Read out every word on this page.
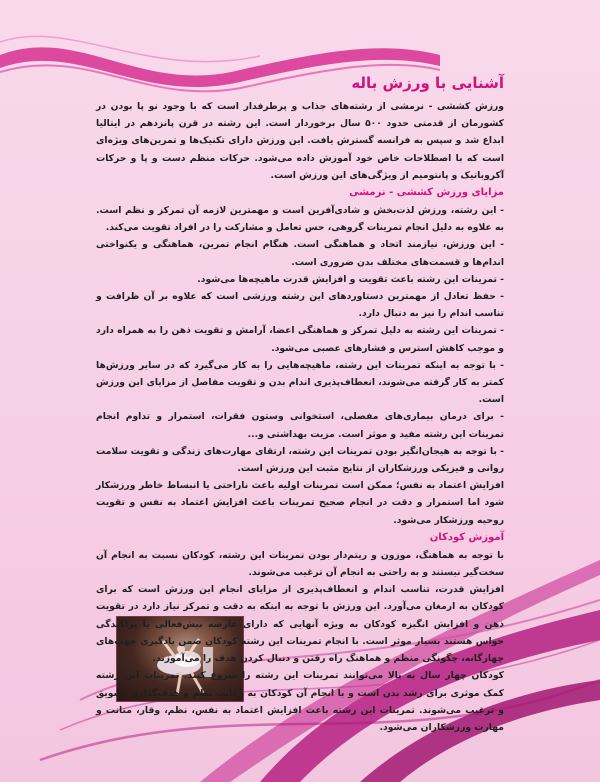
آشنایی با ورزش باله

ورزش کششی - نرمشی از رشته‌های جذاب و پرطرفدار است که با وجود نو پا بودن در کشورمان از قدمتی حدود ۵۰۰ سال برخوردار است. این رشته در قرن پانزدهم در ایتالیا ابداع شد و سپس به فرانسه گسترش یافت. این ورزش دارای تکنیک‌ها و تمرین‌های ویژه‌ای است که با اصطلاحات خاص خود آموزش داده می‌شود. حرکات منظم دست و پا و حرکات آکروباتیک و پانتومیم از ویژگی‌های این ورزش است.

مزایای ورزش کششی - نرمشی

- این رشته، ورزش لذت‌بخش و شادی‌آفرین است و مهمترین لازمه آن تمرکز و نظم است. به علاوه به دلیل انجام تمرینات گروهی، حس تعامل و مشارکت را در افراد تقویت می‌کند.

- این ورزش، نیازمند اتحاد و هماهنگی است. هنگام انجام تمرین، هماهنگی و یکنواختی اندام‌ها و قسمت‌های مختلف بدن ضروری است.

- تمرینات این رشته باعث تقویت و افزایش قدرت ماهیچه‌ها می‌شود.

- حفظ تعادل از مهمترین دستاوردهای این رشته ورزشی است که علاوه بر آن ظرافت و تناسب اندام را نیز به دنبال دارد.

- تمرینات این رشته به دلیل تمرکز و هماهنگی اعضا، آرامش و تقویت ذهن را به همراه دارد و موجب کاهش استرس و فشارهای عصبی می‌شود.

- با توجه به اینکه تمرینات این رشته، ماهیچه‌هایی را به کار می‌گیرد که در سایر ورزش‌ها کمتر به کار گرفته می‌شوند، انعطاف‌پذیری اندام بدن و تقویت مفاصل از مزایای این ورزش است.

- برای درمان بیماری‌های مفصلی، استخوانی وستون فقرات، استمرار و تداوم انجام تمرینات این رشته مفید و موثر است. مزیت بهداشتی و...

- با توجه به هیجان‌انگیز بودن تمرینات این رشته، ارتقای مهارت‌های زندگی و تقویت سلامت روانی و فیزیکی ورزشکاران از نتایج مثبت این ورزش است.

افزایش اعتماد به نفس؛ ممکن است تمرینات اولیه باعث ناراحتی یا انبساط خاطر ورزشکار شود اما استمرار و دقت در انجام صحیح تمرینات باعث افزایش اعتماد به نفس و تقویت روحیه ورزشکار می‌شود.

آموزش کودکان

با توجه به هماهنگ، موزون و ریتم‌دار بودن تمرینات این رشته، کودکان نسبت به انجام آن سخت‌گیر نیستند و به راحتی به انجام آن ترغیب می‌شوند.

افزایش قدرت، تناسب اندام و انعطاف‌پذیری از مزایای انجام این ورزش است که برای کودکان به ارمغان می‌آورد. این ورزش با توجه به اینکه به دقت و تمرکز نیاز دارد در تقویت ذهن و افزایش انگیزه کودکان به ویژه آنهایی که دارای عارضه بیش‌فعالی یا پراکندگی حواس هستند بسیار موثر است. با انجام تمرینات این رشته کودکان ضمن یادگیری جهت‌های چهارگانه، چگونگی منظم و هماهنگ راه رفتن و دنبال کردن هدف را می‌آموزند.

کودکان چهار سال به بالا می‌توانند تمرینات این رشته را شروع کنند. تمرینات این رشته کمک موثری برای رشد بدن است و با انجام آن کودکان به رعایت نظم و هدف‌گذاری تشویق و ترغیب می‌شوند. تمرینات این رشته باعث افزایش اعتماد به نفس، نظم، وقار، متانت و مهارت ورزشکاران می‌شود.
